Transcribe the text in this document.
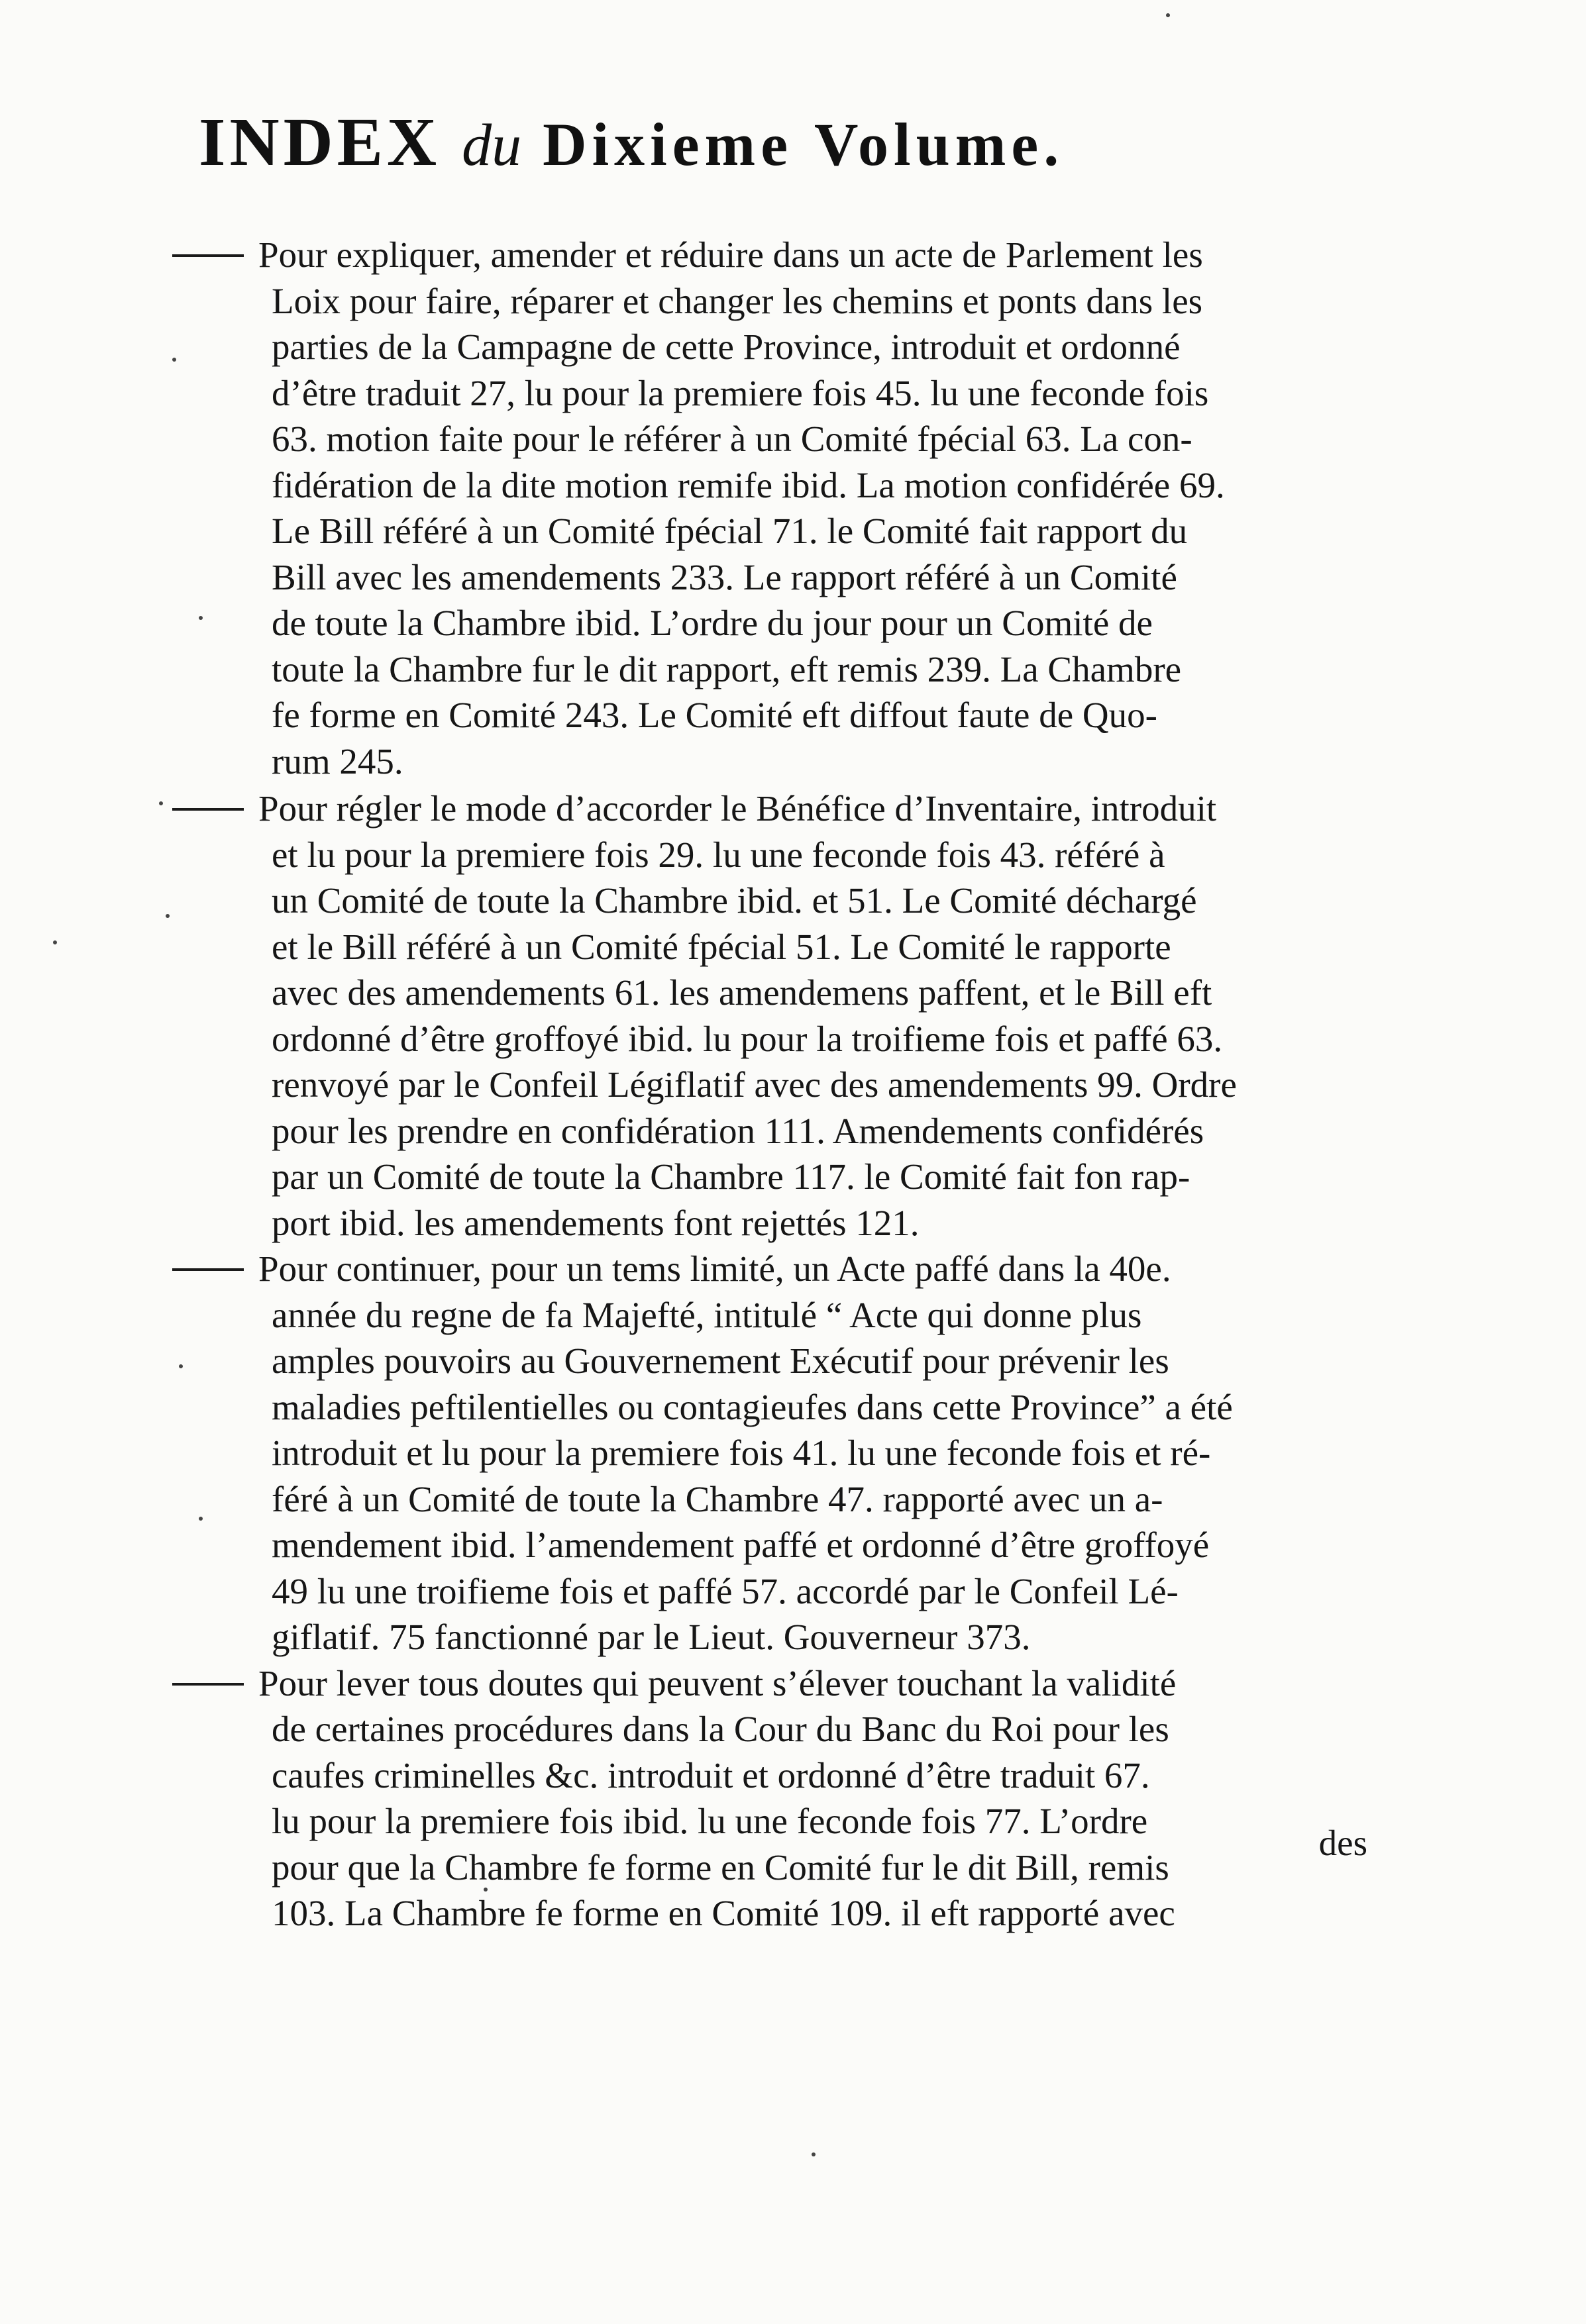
INDEX du Dixieme Volume.
Pour expliquer, amender et réduire dans un acte de Parlement les
Loix pour faire, réparer et changer les chemins et ponts dans les
parties de la Campagne de cette Province, introduit et ordonné
d’être traduit 27, lu pour la premiere fois 45. lu une feconde fois
63. motion faite pour le référer à un Comité fpécial 63. La con-
fidération de la dite motion remife ibid. La motion confidérée 69.
Le Bill référé à un Comité fpécial 71. le Comité fait rapport du
Bill avec les amendements 233. Le rapport référé à un Comité
de toute la Chambre ibid. L’ordre du jour pour un Comité de
toute la Chambre fur le dit rapport, eft remis 239. La Chambre
fe forme en Comité 243. Le Comité eft diffout faute de Quo-
rum 245.
Pour régler le mode d’accorder le Bénéfice d’Inventaire, introduit
et lu pour la premiere fois 29. lu une feconde fois 43. référé à
un Comité de toute la Chambre ibid. et 51. Le Comité déchargé
et le Bill référé à un Comité fpécial 51. Le Comité le rapporte
avec des amendements 61. les amendemens paffent, et le Bill eft
ordonné d’être groffoyé ibid. lu pour la troifieme fois et paffé 63.
renvoyé par le Confeil Légiflatif avec des amendements 99. Ordre
pour les prendre en confidération 111. Amendements confidérés
par un Comité de toute la Chambre 117. le Comité fait fon rap-
port ibid. les amendements font rejettés 121.
Pour continuer, pour un tems limité, un Acte paffé dans la 40e.
année du regne de fa Majefté, intitulé “ Acte qui donne plus
amples pouvoirs au Gouvernement Exécutif pour prévenir les
maladies peftilentielles ou contagieufes dans cette Province” a été
introduit et lu pour la premiere fois 41. lu une feconde fois et ré-
féré à un Comité de toute la Chambre 47. rapporté avec un a-
mendement ibid. l’amendement paffé et ordonné d’être groffoyé
49 lu une troifieme fois et paffé 57. accordé par le Confeil Lé-
giflatif. 75 fanctionné par le Lieut. Gouverneur 373.
Pour lever tous doutes qui peuvent s’élever touchant la validité
de certaines procédures dans la Cour du Banc du Roi pour les
caufes criminelles &c. introduit et ordonné d’être traduit 67.
lu pour la premiere fois ibid. lu une feconde fois 77. L’ordre
pour que la Chambre fe forme en Comité fur le dit Bill, remis
103. La Chambre fe forme en Comité 109. il eft rapporté avec
des
